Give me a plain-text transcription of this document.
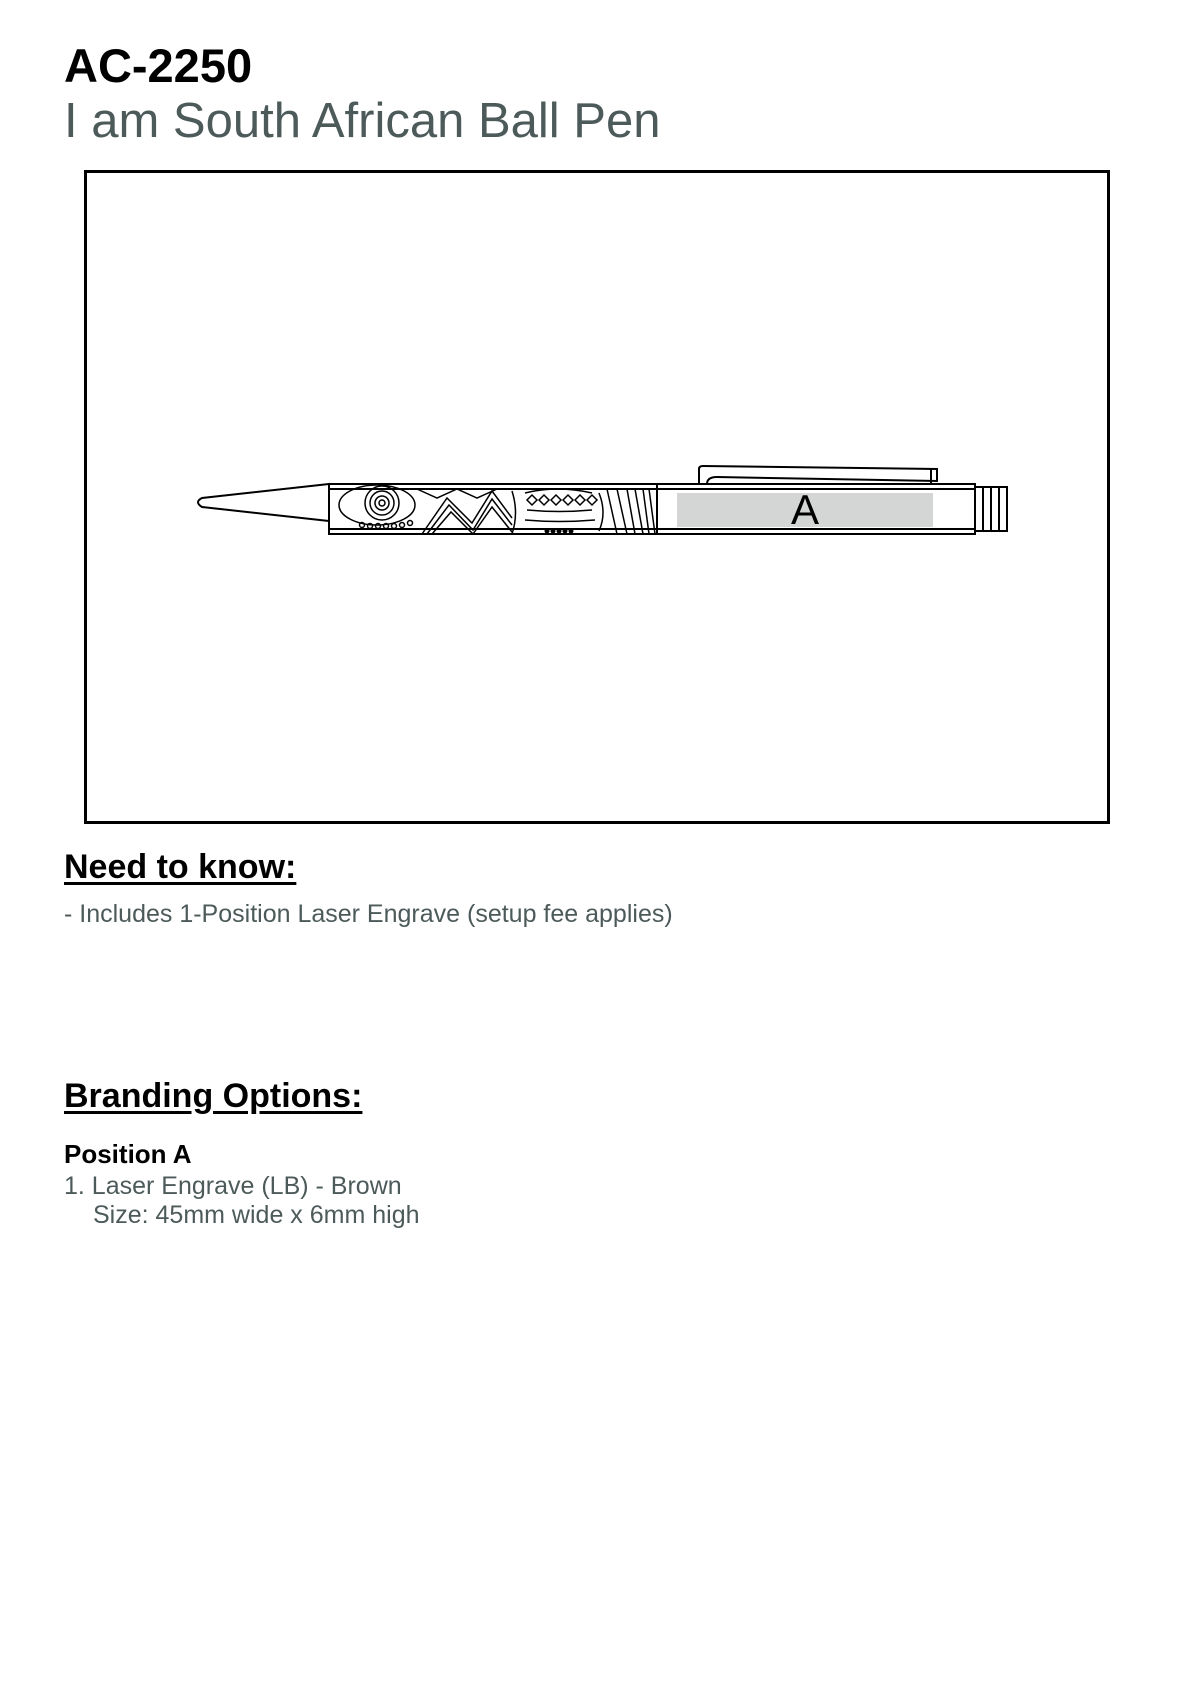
AC-2250
I am South African Ball Pen
A
Need to know:
- Includes 1-Position Laser Engrave (setup fee applies)
Branding Options:
Position A
1. Laser Engrave (LB) - Brown
Size: 45mm wide x 6mm high
